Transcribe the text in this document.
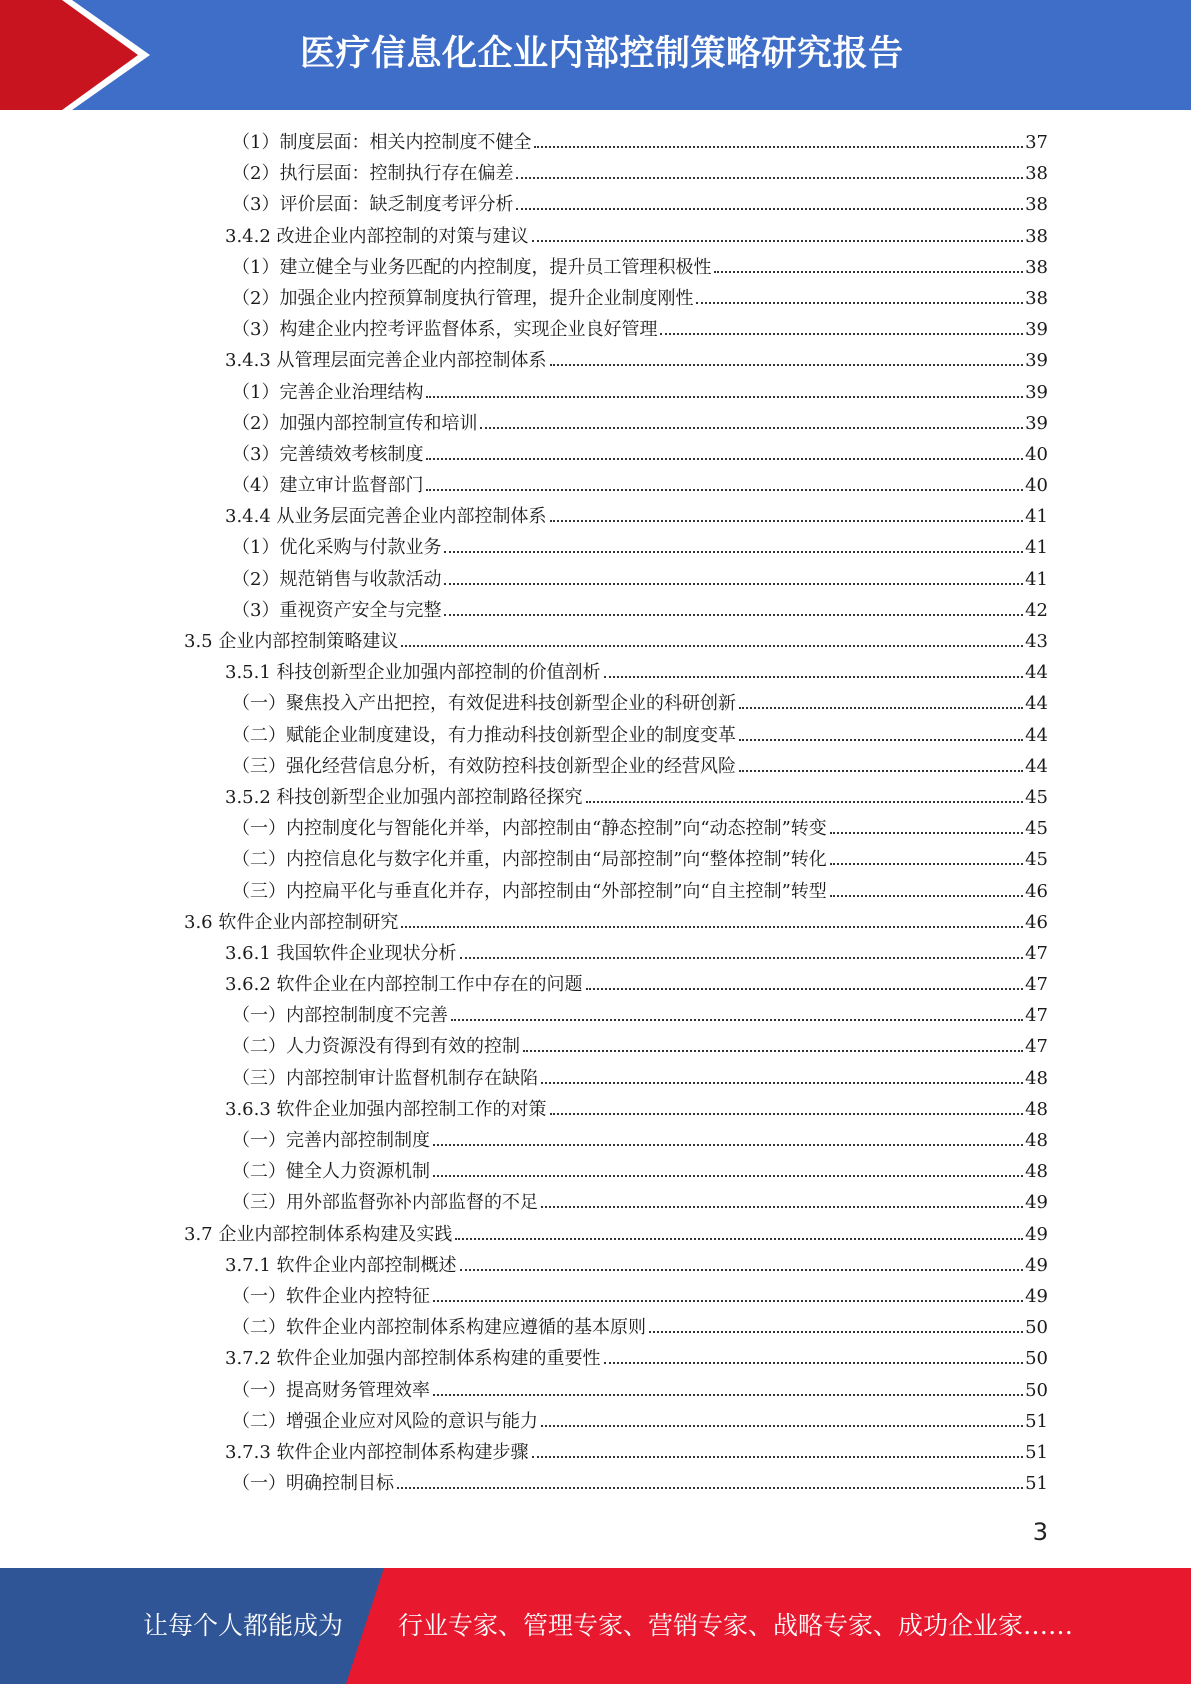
医疗信息化企业内部控制策略研究报告
（1）制度层面：相关内控制度不健全	37
（2）执行层面：控制执行存在偏差	38
（3）评价层面：缺乏制度考评分析	38
3.4.2 改进企业内部控制的对策与建议	38
（1）建立健全与业务匹配的内控制度，提升员工管理积极性	38
（2）加强企业内控预算制度执行管理，提升企业制度刚性	38
（3）构建企业内控考评监督体系，实现企业良好管理	39
3.4.3 从管理层面完善企业内部控制体系	39
（1）完善企业治理结构	39
（2）加强内部控制宣传和培训	39
（3）完善绩效考核制度	40
（4）建立审计监督部门	40
3.4.4 从业务层面完善企业内部控制体系	41
（1）优化采购与付款业务	41
（2）规范销售与收款活动	41
（3）重视资产安全与完整	42
3.5 企业内部控制策略建议	43
3.5.1 科技创新型企业加强内部控制的价值剖析	44
（一）聚焦投入产出把控，有效促进科技创新型企业的科研创新	44
（二）赋能企业制度建设，有力推动科技创新型企业的制度变革	44
（三）强化经营信息分析，有效防控科技创新型企业的经营风险	44
3.5.2 科技创新型企业加强内部控制路径探究	45
（一）内控制度化与智能化并举，内部控制由“静态控制”向“动态控制”转变	45
（二）内控信息化与数字化并重，内部控制由“局部控制”向“整体控制”转化	45
（三）内控扁平化与垂直化并存，内部控制由“外部控制”向“自主控制”转型	46
3.6 软件企业内部控制研究	46
3.6.1 我国软件企业现状分析	47
3.6.2 软件企业在内部控制工作中存在的问题	47
（一）内部控制制度不完善	47
（二）人力资源没有得到有效的控制	47
（三）内部控制审计监督机制存在缺陷	48
3.6.3 软件企业加强内部控制工作的对策	48
（一）完善内部控制制度	48
（二）健全人力资源机制	48
（三）用外部监督弥补内部监督的不足	49
3.7 企业内部控制体系构建及实践	49
3.7.1 软件企业内部控制概述	49
（一）软件企业内控特征	49
（二）软件企业内部控制体系构建应遵循的基本原则	50
3.7.2 软件企业加强内部控制体系构建的重要性	50
（一）提高财务管理效率	50
（二）增强企业应对风险的意识与能力	51
3.7.3 软件企业内部控制体系构建步骤	51
（一）明确控制目标	51
3
让每个人都能成为 行业专家、管理专家、营销专家、战略专家、成功企业家……
